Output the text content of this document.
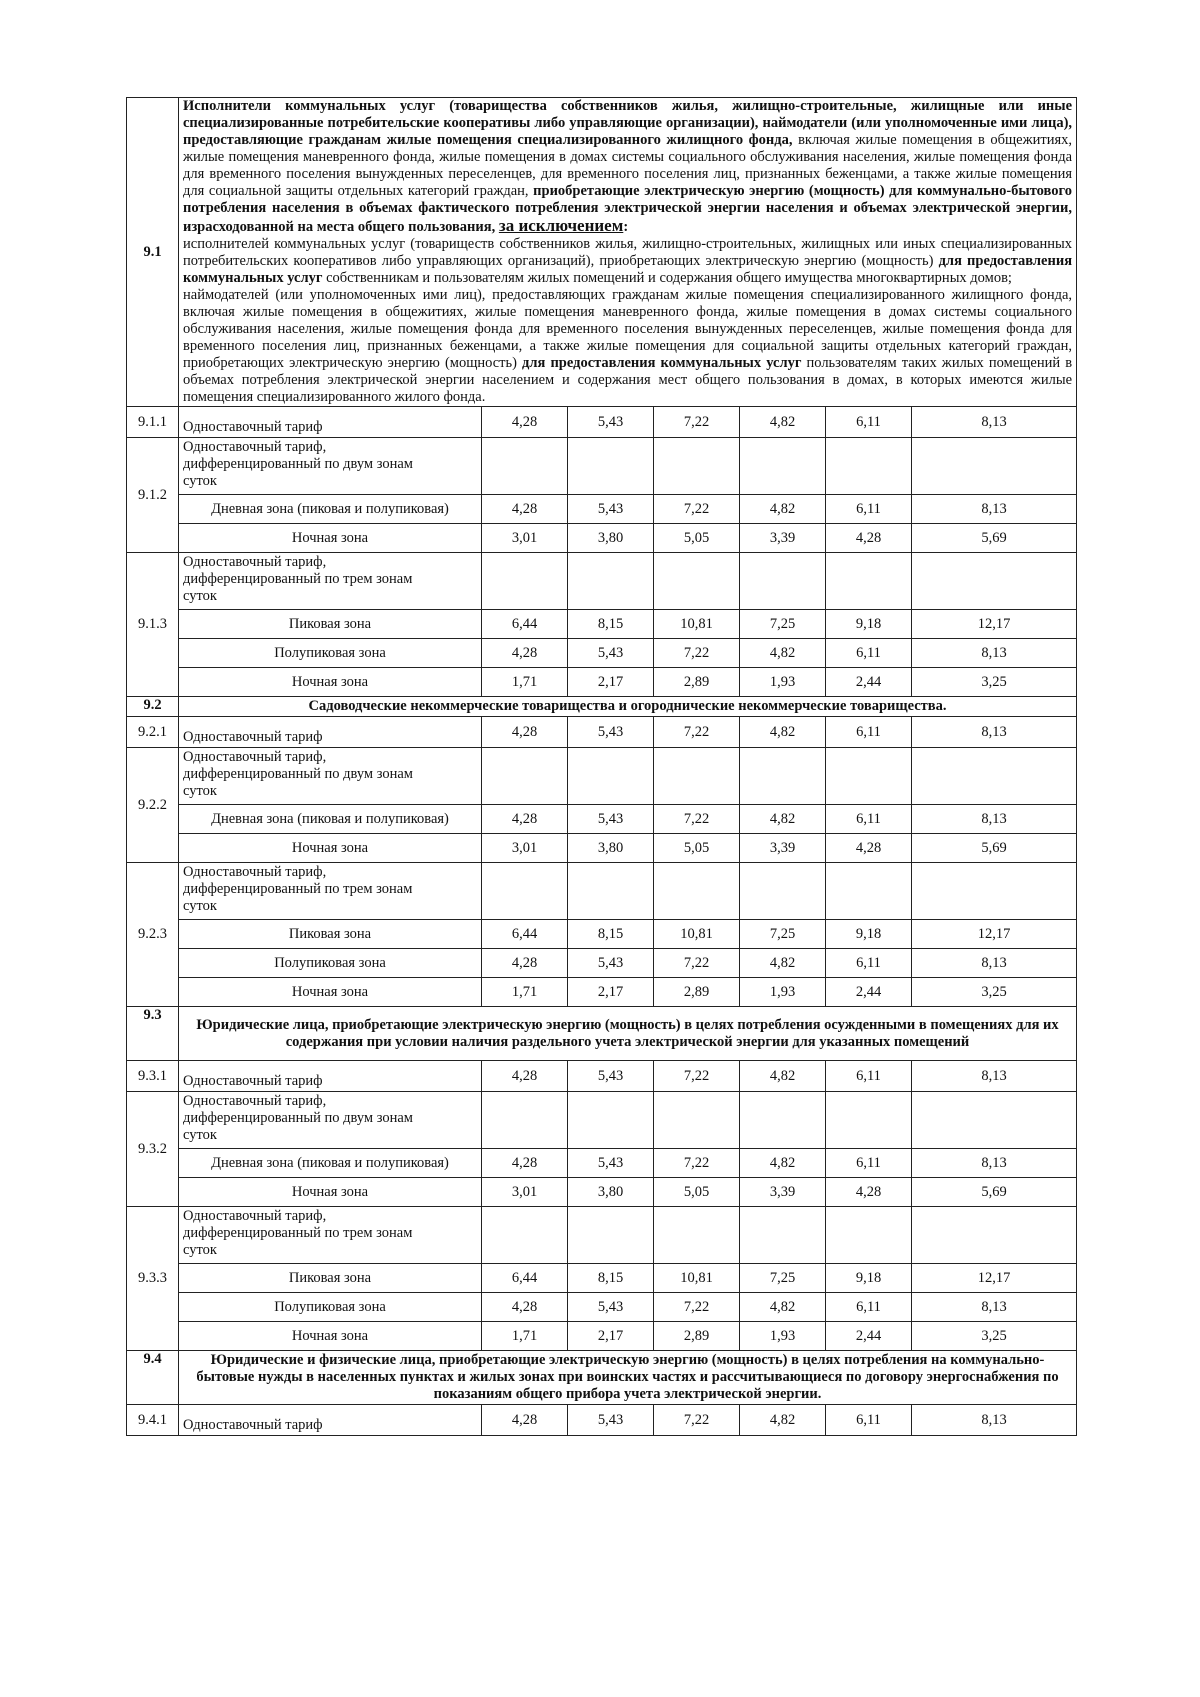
9.1	Исполнители коммунальных услуг (товарищества собственников жилья, жилищно-строительные, жилищные или иные специализированные потребительские кооперативы либо управляющие организации), наймодатели (или уполномоченные ими лица), предоставляющие гражданам жилые помещения специализированного жилищного фонда, включая жилые помещения в общежитиях, жилые помещения маневренного фонда, жилые помещения в домах системы социального обслуживания населения, жилые помещения фонда для временного поселения вынужденных переселенцев, для временного поселения лиц, признанных беженцами, а также жилые помещения для социальной защиты отдельных категорий граждан, приобретающие электрическую энергию (мощность) для коммунально-бытового потребления населения в объемах фактического потребления электрической энергии населения и объемах электрической энергии, израсходованной на места общего пользования, за исключением:
исполнителей коммунальных услуг (товариществ собственников жилья, жилищно-строительных, жилищных или иных специализированных потребительских кооперативов либо управляющих организаций), приобретающих электрическую энергию (мощность) для предоставления коммунальных услуг собственникам и пользователям жилых помещений и содержания общего имущества многоквартирных домов;
наймодателей (или уполномоченных ими лиц), предоставляющих гражданам жилые помещения специализированного жилищного фонда, включая жилые помещения в общежитиях, жилые помещения маневренного фонда, жилые помещения в домах системы социального обслуживания населения, жилые помещения фонда для временного поселения вынужденных переселенцев, жилые помещения фонда для временного поселения лиц, признанных беженцами, а также жилые помещения для социальной защиты отдельных категорий граждан, приобретающих электрическую энергию (мощность) для предоставления коммунальных услуг пользователям таких жилых помещений в объемах потребления электрической энергии населением и содержания мест общего пользования в домах, в которых имеются жилые помещения специализированного жилого фонда.						

9.1.1	Одноставочный тариф	4,28	5,43	7,22	4,82	6,11	8,13
9.1.2	Одноставочный тариф, дифференцированный по двум зонам суток						
	Дневная зона (пиковая и полупиковая)	4,28	5,43	7,22	4,82	6,11	8,13
	Ночная зона	3,01	3,80	5,05	3,39	4,28	5,69
9.1.3	Одноставочный тариф, дифференцированный по трем зонам суток						
	Пиковая зона	6,44	8,15	10,81	7,25	9,18	12,17
	Полупиковая зона	4,28	5,43	7,22	4,82	6,11	8,13
	Ночная зона	1,71	2,17	2,89	1,93	2,44	3,25
9.2	Садоводческие некоммерческие товарищества и огороднические некоммерческие товарищества.						
9.2.1	Одноставочный тариф	4,28	5,43	7,22	4,82	6,11	8,13
9.2.2	Одноставочный тариф, дифференцированный по двум зонам суток						
	Дневная зона (пиковая и полупиковая)	4,28	5,43	7,22	4,82	6,11	8,13
	Ночная зона	3,01	3,80	5,05	3,39	4,28	5,69
9.2.3	Одноставочный тариф, дифференцированный по трем зонам суток						
	Пиковая зона	6,44	8,15	10,81	7,25	9,18	12,17
	Полупиковая зона	4,28	5,43	7,22	4,82	6,11	8,13
	Ночная зона	1,71	2,17	2,89	1,93	2,44	3,25
9.3	Юридические лица, приобретающие электрическую энергию (мощность) в целях потребления осужденными в помещениях для их содержания при условии наличия раздельного учета электрической энергии для указанных помещений						
9.3.1	Одноставочный тариф	4,28	5,43	7,22	4,82	6,11	8,13
9.3.2	Одноставочный тариф, дифференцированный по двум зонам суток						
	Дневная зона (пиковая и полупиковая)	4,28	5,43	7,22	4,82	6,11	8,13
	Ночная зона	3,01	3,80	5,05	3,39	4,28	5,69
9.3.3	Одноставочный тариф, дифференцированный по трем зонам суток						
	Пиковая зона	6,44	8,15	10,81	7,25	9,18	12,17
	Полупиковая зона	4,28	5,43	7,22	4,82	6,11	8,13
	Ночная зона	1,71	2,17	2,89	1,93	2,44	3,25
9.4	Юридические и физические лица, приобретающие электрическую энергию (мощность) в целях потребления на коммунально-бытовые нужды в населенных пунктах и жилых зонах при воинских частях и рассчитывающиеся по договору энергоснабжения по показаниям общего прибора учета электрической энергии.						
9.4.1	Одноставочный тариф	4,28	5,43	7,22	4,82	6,11	8,13
